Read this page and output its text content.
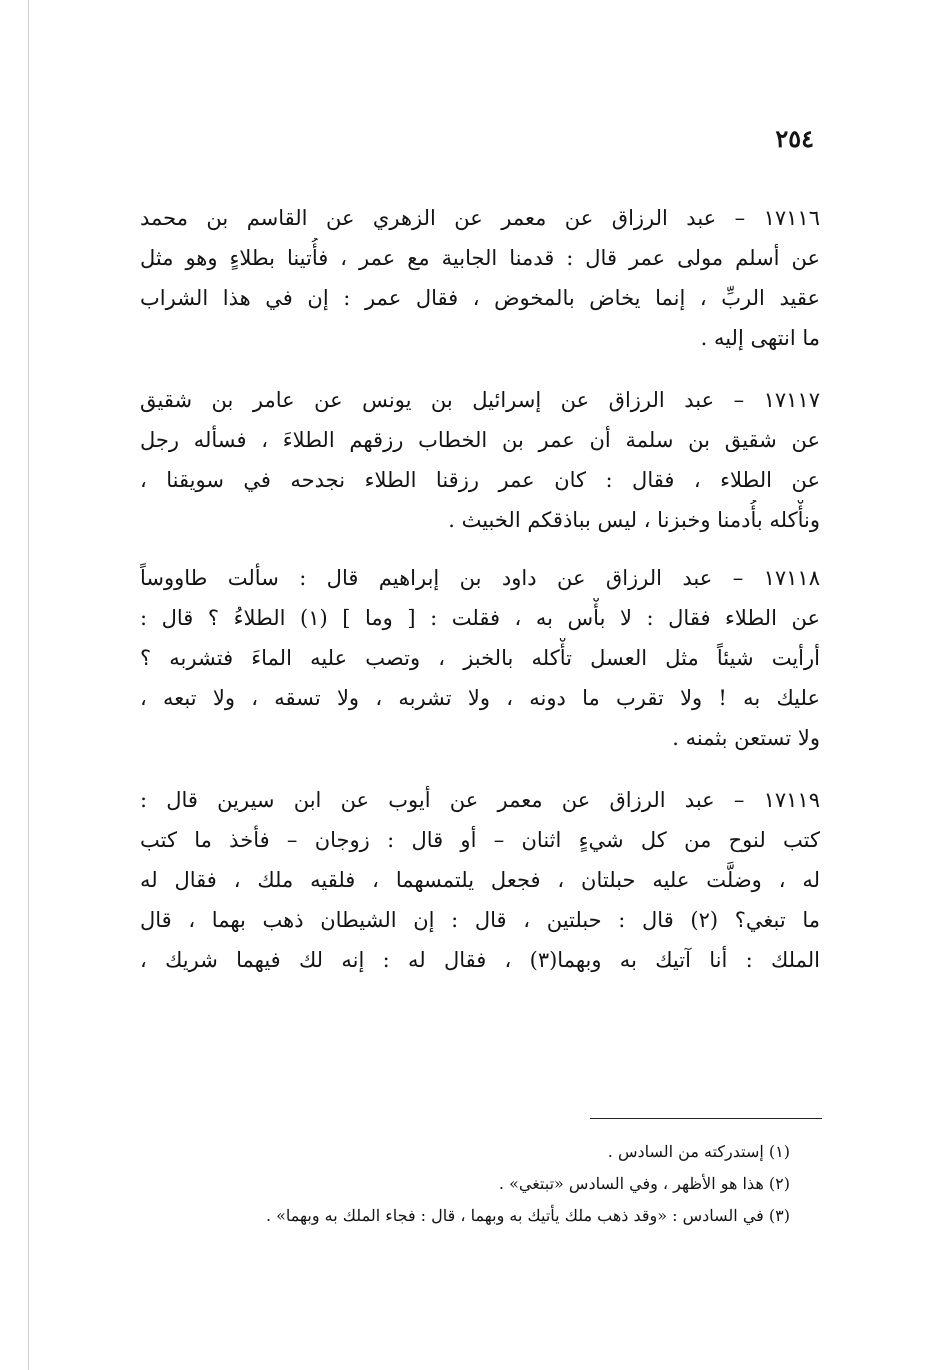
٢٥٤
١٧١١٦ – عبد الرزاق عن معمر عن الزهري عن القاسم بن محمد
عن أسلم مولى عمر قال : قدمنا الجابية مع عمر ، فأُتينا بطلاءٍ وهو مثل
عقيد الربِّ ، إنما يخاض بالمخوض ، فقال عمر : إن في هذا الشراب
ما انتهى إليه .
١٧١١٧ – عبد الرزاق عن إسرائيل بن يونس عن عامر بن شقيق
عن شقيق بن سلمة أن عمر بن الخطاب رزقهم الطلاءَ ، فسأله رجل
عن الطلاء ، فقال : كان عمر رزقنا الطلاء نجدحه في سويقنا ،
ونأْكله بأُدمنا وخبزنا ، ليس بباذقكم الخبيث .
١٧١١٨ – عبد الرزاق عن داود بن إبراهيم قال : سألت طاووساً
عن الطلاء فقال : لا بأْس به ، فقلت : [ وما ] (١) الطلاءُ ؟ قال :
أرأيت شيئاً مثل العسل تأْكله بالخبز ، وتصب عليه الماءَ فتشربه ؟
عليك به ! ولا تقرب ما دونه ، ولا تشربه ، ولا تسقه ، ولا تبعه ،
ولا تستعن بثمنه .
١٧١١٩ – عبد الرزاق عن معمر عن أيوب عن ابن سيرين قال :
كتب لنوح من كل شيءٍ اثنان – أو قال : زوجان – فأخذ ما كتب
له ، وضلَّت عليه حبلتان ، فجعل يلتمسهما ، فلقيه ملك ، فقال له
ما تبغي؟ (٢) قال : حبلتين ، قال : إن الشيطان ذهب بهما ، قال
الملك : أنا آتيك به وبهما(٣) ، فقال له : إنه لك فيهما شريك ،
(١) إستدركته من السادس .
(٢) هذا هو الأظهر ، وفي السادس «تبتغي» .
(٣) في السادس : «وقد ذهب ملك يأتيك به وبهما ، قال : فجاء الملك به وبهما» .
